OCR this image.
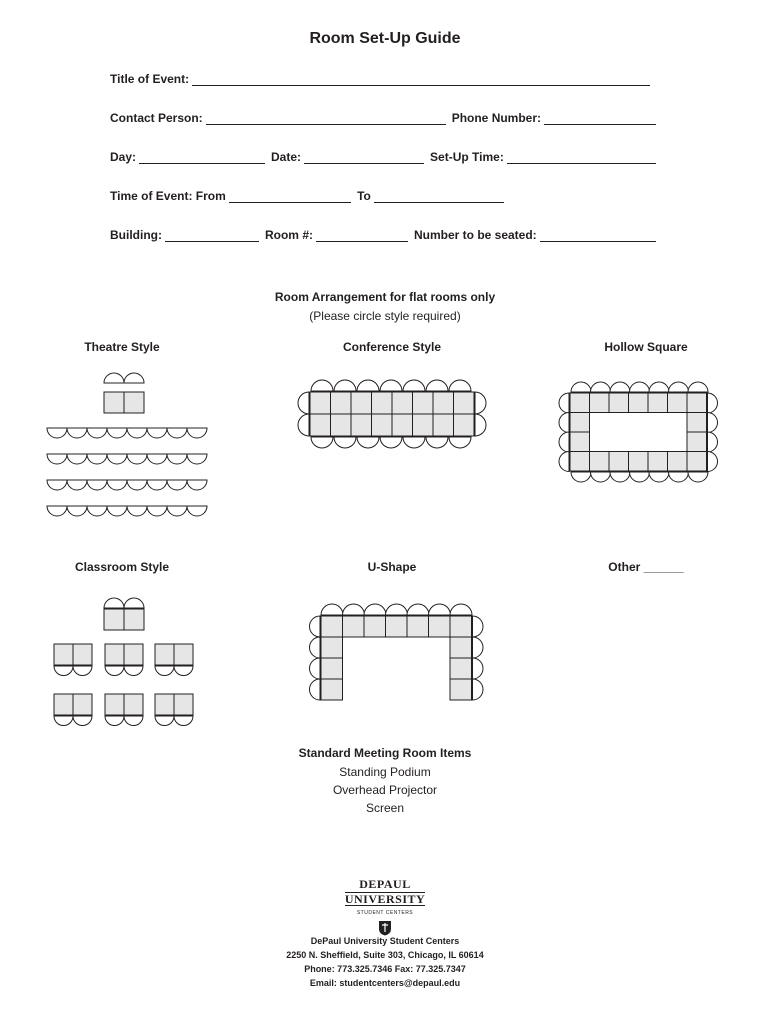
Room Set-Up Guide
Title of Event:
Contact Person:	Phone Number:
Day:	Date:	Set-Up Time:
Time of Event: From	To
Building:	Room #:	Number to be seated:
Room Arrangement for flat rooms only
(Please circle style required)
Theatre Style	Conference Style	Hollow Square
Classroom Style	U-Shape	Other ______
Standard Meeting Room Items
Standing Podium
Overhead Projector
Screen
DEPAUL
UNIVERSITY
STUDENT CENTERS
DePaul University Student Centers
2250 N. Sheffield, Suite 303, Chicago, IL 60614
Phone: 773.325.7346 Fax: 77.325.7347
Email: studentcenters@depaul.edu
